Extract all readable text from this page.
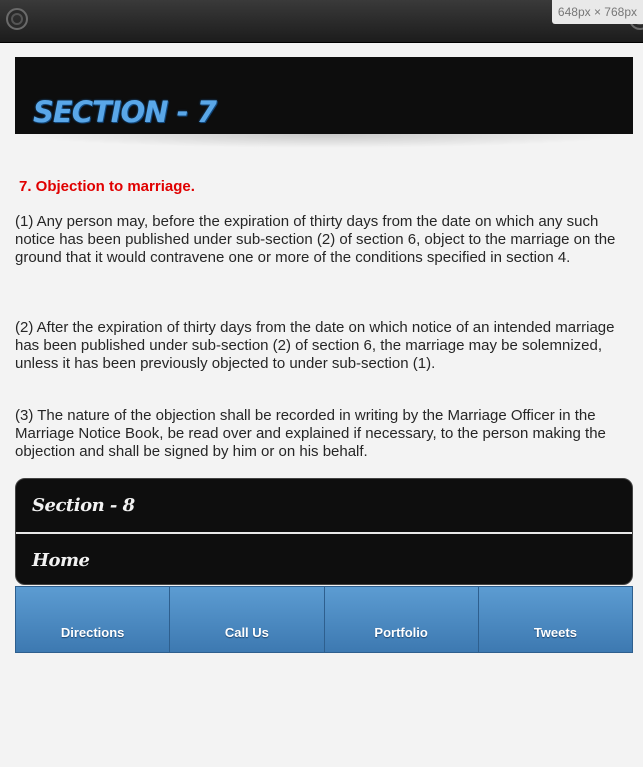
648px × 768px
SECTION - 7
7. Objection to marriage.

(1) Any person may, before the expiration of thirty days from the date on which any such notice has been published under sub-section (2) of section 6, object to the marriage on the ground that it would contravene one or more of the conditions specified in section 4.

(2) After the expiration of thirty days from the date on which notice of an intended marriage has been published under sub-section (2) of section 6, the marriage may be solemnized, unless it has been previously objected to under sub-section (1).

(3) The nature of the objection shall be recorded in writing by the Marriage Officer in the Marriage Notice Book, be read over and explained if necessary, to the person making the objection and shall be signed by him or on his behalf.

Section - 8
Home
Directions	Call Us	Portfolio	Tweets
